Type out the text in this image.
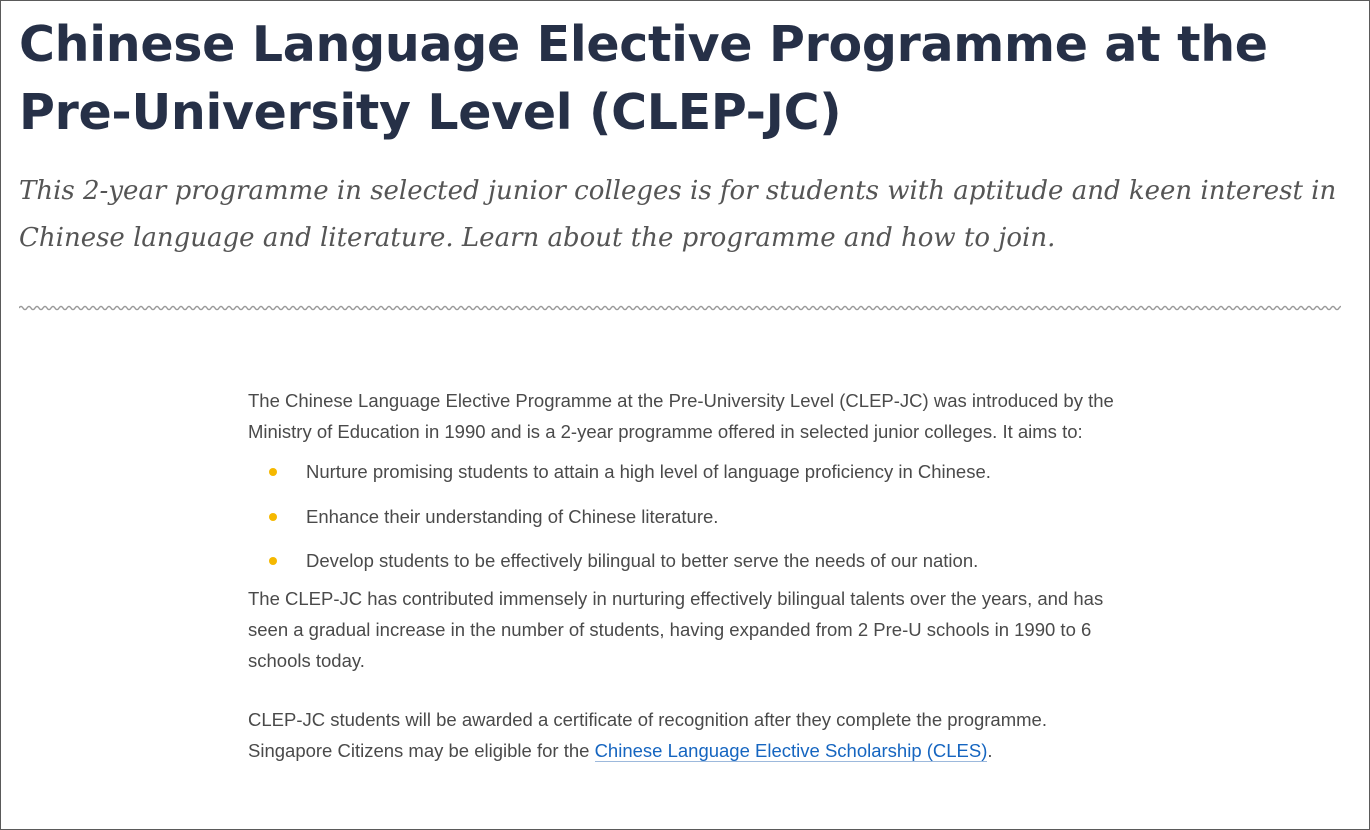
Chinese Language Elective Programme at the Pre-University Level (CLEP-JC)

This 2-year programme in selected junior colleges is for students with aptitude and keen interest in Chinese language and literature. Learn about the programme and how to join.

The Chinese Language Elective Programme at the Pre-University Level (CLEP-JC) was introduced by the Ministry of Education in 1990 and is a 2-year programme offered in selected junior colleges. It aims to:

Nurture promising students to attain a high level of language proficiency in Chinese.
Enhance their understanding of Chinese literature.
Develop students to be effectively bilingual to better serve the needs of our nation.

The CLEP-JC has contributed immensely in nurturing effectively bilingual talents over the years, and has seen a gradual increase in the number of students, having expanded from 2 Pre-U schools in 1990 to 6 schools today.

CLEP-JC students will be awarded a certificate of recognition after they complete the programme.
Singapore Citizens may be eligible for the Chinese Language Elective Scholarship (CLES).
